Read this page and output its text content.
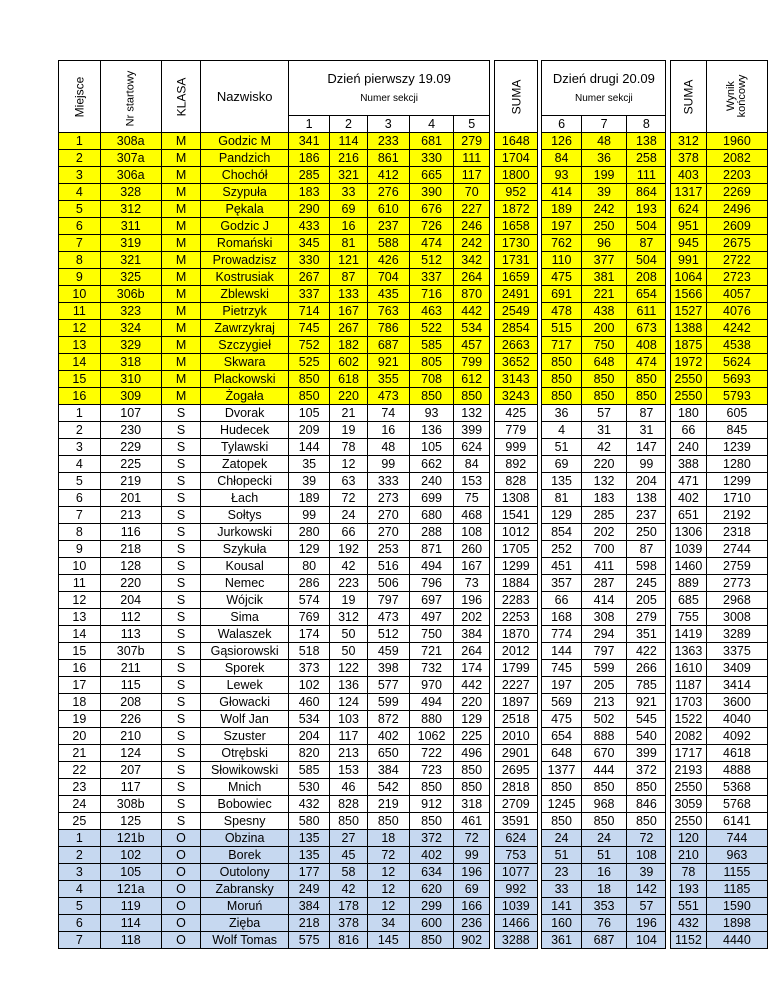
Miejsce	Nr startowy	KLASA	Nazwisko	Dzień pierwszy 19.09
Numer sekcji						SUMA		Dzień drugi 20.09
Numer sekcji				SUMA	Wynik końcowy

				1	2	3	4	5				6	7	8			
1	308a	M	Godzic M	341	114	233	681	279		1648		126	48	138		312	1960
2	307a	M	Pandzich	186	216	861	330	111		1704		84	36	258		378	2082
3	306a	M	Chochół	285	321	412	665	117		1800		93	199	111		403	2203
4	328	M	Szypuła	183	33	276	390	70		952		414	39	864		1317	2269
5	312	M	Pękala	290	69	610	676	227		1872		189	242	193		624	2496
6	311	M	Godzic J	433	16	237	726	246		1658		197	250	504		951	2609
7	319	M	Romański	345	81	588	474	242		1730		762	96	87		945	2675
8	321	M	Prowadzisz	330	121	426	512	342		1731		110	377	504		991	2722
9	325	M	Kostrusiak	267	87	704	337	264		1659		475	381	208		1064	2723
10	306b	M	Zblewski	337	133	435	716	870		2491		691	221	654		1566	4057
11	323	M	Pietrzyk	714	167	763	463	442		2549		478	438	611		1527	4076
12	324	M	Zawrzykraj	745	267	786	522	534		2854		515	200	673		1388	4242
13	329	M	Szczygieł	752	182	687	585	457		2663		717	750	408		1875	4538
14	318	M	Skwara	525	602	921	805	799		3652		850	648	474		1972	5624
15	310	M	Plackowski	850	618	355	708	612		3143		850	850	850		2550	5693
16	309	M	Żogała	850	220	473	850	850		3243		850	850	850		2550	5793
1	107	S	Dvorak	105	21	74	93	132		425		36	57	87		180	605
2	230	S	Hudecek	209	19	16	136	399		779		4	31	31		66	845
3	229	S	Tylawski	144	78	48	105	624		999		51	42	147		240	1239
4	225	S	Zatopek	35	12	99	662	84		892		69	220	99		388	1280
5	219	S	Chłopecki	39	63	333	240	153		828		135	132	204		471	1299
6	201	S	Łach	189	72	273	699	75		1308		81	183	138		402	1710
7	213	S	Sołtys	99	24	270	680	468		1541		129	285	237		651	2192
8	116	S	Jurkowski	280	66	270	288	108		1012		854	202	250		1306	2318
9	218	S	Szykuła	129	192	253	871	260		1705		252	700	87		1039	2744
10	128	S	Kousal	80	42	516	494	167		1299		451	411	598		1460	2759
11	220	S	Nemec	286	223	506	796	73		1884		357	287	245		889	2773
12	204	S	Wójcik	574	19	797	697	196		2283		66	414	205		685	2968
13	112	S	Sima	769	312	473	497	202		2253		168	308	279		755	3008
14	113	S	Walaszek	174	50	512	750	384		1870		774	294	351		1419	3289
15	307b	S	Gąsiorowski	518	50	459	721	264		2012		144	797	422		1363	3375
16	211	S	Sporek	373	122	398	732	174		1799		745	599	266		1610	3409
17	115	S	Lewek	102	136	577	970	442		2227		197	205	785		1187	3414
18	208	S	Głowacki	460	124	599	494	220		1897		569	213	921		1703	3600
19	226	S	Wolf Jan	534	103	872	880	129		2518		475	502	545		1522	4040
20	210	S	Szuster	204	117	402	1062	225		2010		654	888	540		2082	4092
21	124	S	Otrębski	820	213	650	722	496		2901		648	670	399		1717	4618
22	207	S	Słowikowski	585	153	384	723	850		2695		1377	444	372		2193	4888
23	117	S	Mnich	530	46	542	850	850		2818		850	850	850		2550	5368
24	308b	S	Bobowiec	432	828	219	912	318		2709		1245	968	846		3059	5768
25	125	S	Spesny	580	850	850	850	461		3591		850	850	850		2550	6141
1	121b	O	Obzina	135	27	18	372	72		624		24	24	72		120	744
2	102	O	Borek	135	45	72	402	99		753		51	51	108		210	963
3	105	O	Outolony	177	58	12	634	196		1077		23	16	39		78	1155
4	121a	O	Zabransky	249	42	12	620	69		992		33	18	142		193	1185
5	119	O	Moruń	384	178	12	299	166		1039		141	353	57		551	1590
6	114	O	Zięba	218	378	34	600	236		1466		160	76	196		432	1898
7	118	O	Wolf Tomas	575	816	145	850	902		3288		361	687	104		1152	4440
